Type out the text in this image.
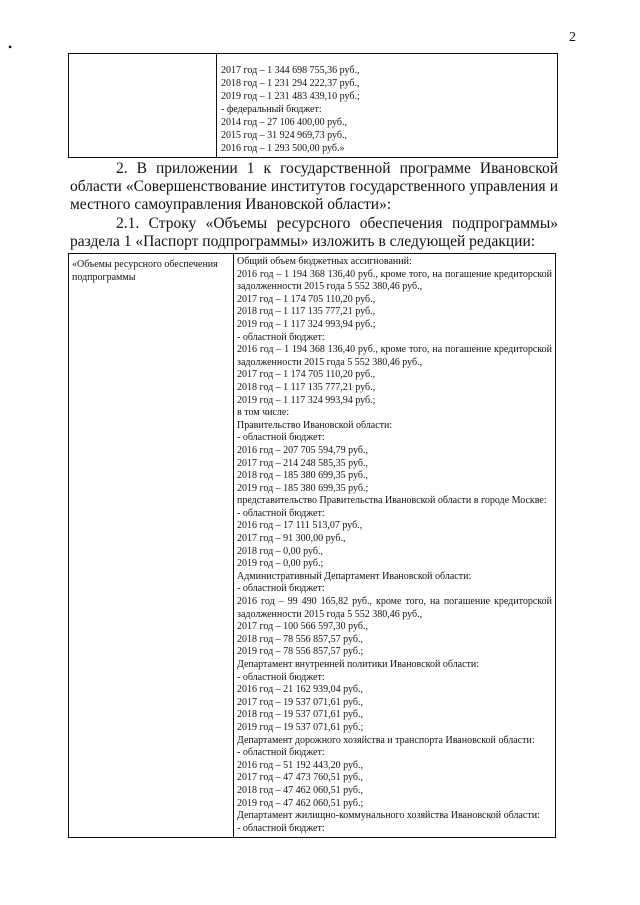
2
•

2017 год – 1 344 698 755,36 руб.,
2018 год – 1 231 294 222,37 руб.,
2019 год – 1 231 483 439,10 руб.;
- федеральный бюджет:
2014 год – 27 106 400,00 руб.,
2015 год – 31 924 969,73 руб.,
2016 год – 1 293 500,00 руб.»
2. В приложении 1 к государственной программе Ивановской области «Совершенствование институтов государственного управления и местного самоуправления Ивановской области»:
2.1. Строку «Объемы ресурсного обеспечения подпрограммы» раздела 1 «Паспорт подпрограммы» изложить в следующей редакции:
«Объемы ресурсного обеспечения подпрограммы	
Общий объем бюджетных ассигнований:
2016 год – 1 194 368 136,40 руб., кроме того, на погашение кредиторской задолженности 2015 года 5 552 380,46 руб.,
2017 год – 1 174 705 110,20 руб.,
2018 год – 1 117 135 777,21 руб.,
2019 год – 1 117 324 993,94 руб.;
- областной бюджет:
2016 год – 1 194 368 136,40 руб., кроме того, на погашение кредиторской задолженности 2015 года 5 552 380,46 руб.,
2017 год – 1 174 705 110,20 руб.,
2018 год – 1 117 135 777,21 руб.,
2019 год – 1 117 324 993,94 руб.;
в том числе:
Правительство Ивановской области:
- областной бюджет:
2016 год – 207 705 594,79 руб.,
2017 год – 214 248 585,35 руб.,
2018 год – 185 380 699,35 руб.,
2019 год – 185 380 699,35 руб.;
представительство Правительства Ивановской области в городе Москве:
- областной бюджет:
2016 год – 17 111 513,07 руб.,
2017 год – 91 300,00 руб.,
2018 год – 0,00 руб.,
2019 год – 0,00 руб.;
Административный Департамент Ивановской области:
- областной бюджет:
2016 год – 99 490 165,82 руб., кроме того, на погашение кредиторской задолженности 2015 года 5 552 380,46 руб.,
2017 год – 100 566 597,30 руб.,
2018 год – 78 556 857,57 руб.,
2019 год – 78 556 857,57 руб.;
Департамент внутренней политики Ивановской области:
- областной бюджет:
2016 год – 21 162 939,04 руб.,
2017 год – 19 537 071,61 руб.,
2018 год – 19 537 071,61 руб.,
2019 год – 19 537 071,61 руб.;
Департамент дорожного хозяйства и транспорта Ивановской области:
- областной бюджет:
2016 год – 51 192 443,20 руб.,
2017 год – 47 473 760,51 руб.,
2018 год – 47 462 060,51 руб.,
2019 год – 47 462 060,51 руб.;
Департамент жилищно-коммунального хозяйства Ивановской области:
- областной бюджет:
